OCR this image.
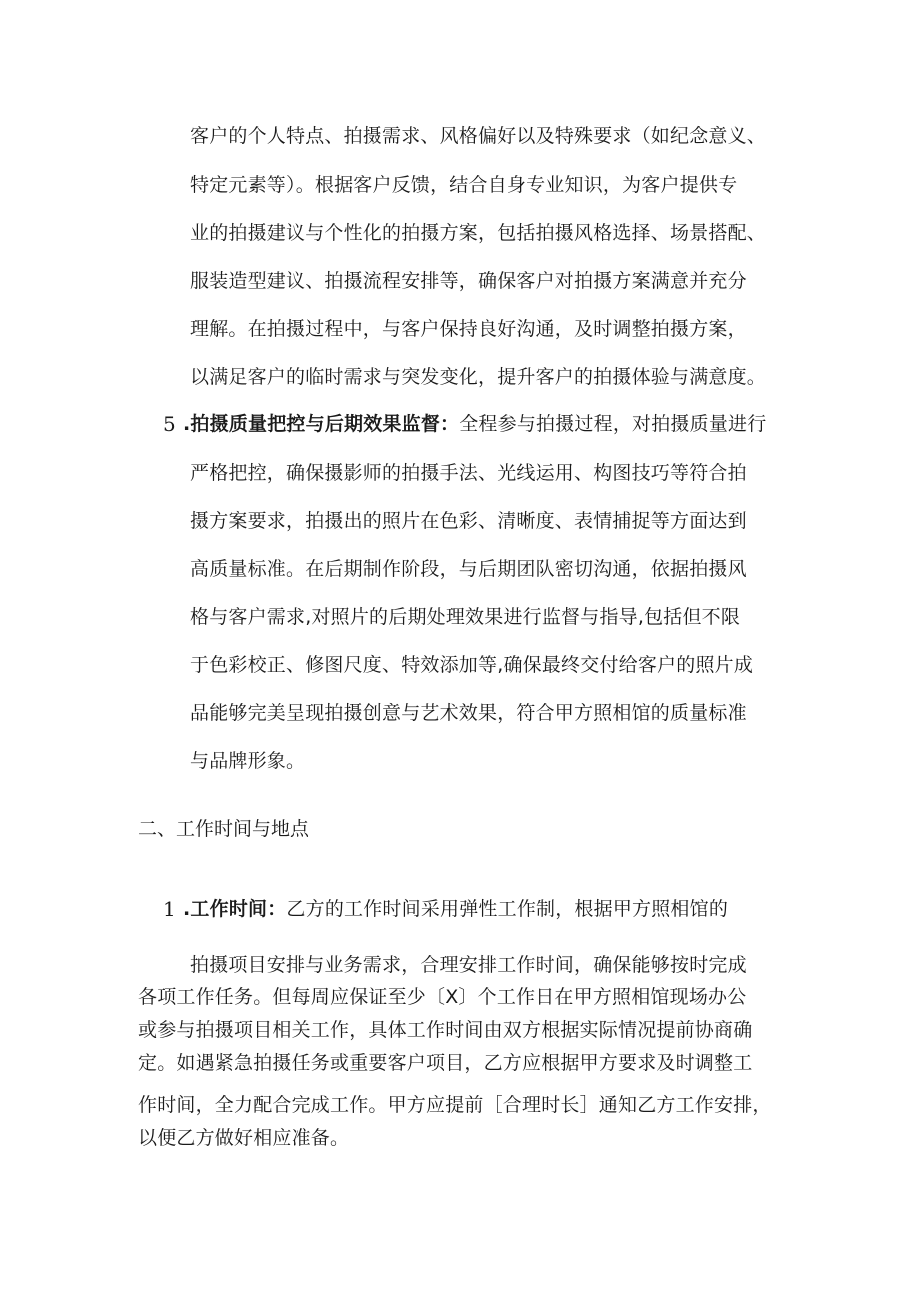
客户的个人特点、拍摄需求、风格偏好以及特殊要求（如纪念意义、
特定元素等）。根据客户反馈，结合自身专业知识，为客户提供专
业的拍摄建议与个性化的拍摄方案，包括拍摄风格选择、场景搭配、
服装造型建议、拍摄流程安排等，确保客户对拍摄方案满意并充分
理解。在拍摄过程中，与客户保持良好沟通，及时调整拍摄方案，
以满足客户的临时需求与突发变化，提升客户的拍摄体验与满意度。
5 .拍摄质量把控与后期效果监督：全程参与拍摄过程，对拍摄质量进行
严格把控，确保摄影师的拍摄手法、光线运用、构图技巧等符合拍
摄方案要求，拍摄出的照片在色彩、清晰度、表情捕捉等方面达到
高质量标准。在后期制作阶段，与后期团队密切沟通，依据拍摄风
格与客户需求,对照片的后期处理效果进行监督与指导,包括但不限
于色彩校正、修图尺度、特效添加等,确保最终交付给客户的照片成
品能够完美呈现拍摄创意与艺术效果，符合甲方照相馆的质量标准
与品牌形象。
二、工作时间与地点
1 .工作时间：乙方的工作时间采用弹性工作制，根据甲方照相馆的
拍摄项目安排与业务需求，合理安排工作时间，确保能够按时完成
各项工作任务。但每周应保证至少〔X〕个工作日在甲方照相馆现场办公
或参与拍摄项目相关工作，具体工作时间由双方根据实际情况提前协商确
定。如遇紧急拍摄任务或重要客户项目，乙方应根据甲方要求及时调整工
作时间，全力配合完成工作。甲方应提前［合理时长］通知乙方工作安排，
以便乙方做好相应准备。
